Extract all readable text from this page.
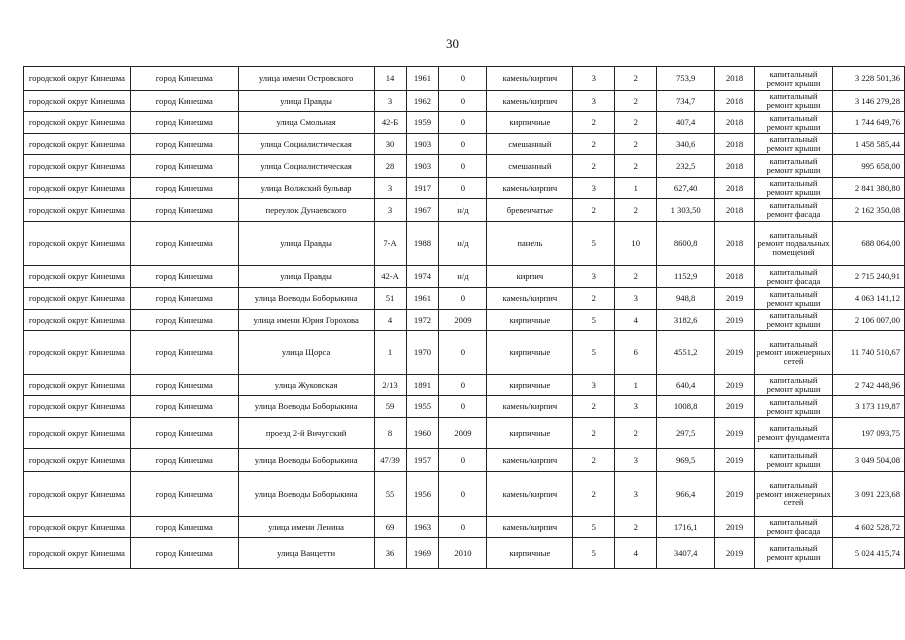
30
городской округ Кинешма	город Кинешма	улица имени Островского	14	1961	0	камень/кирпич	3	2	753,9	2018	капитальный ремонт крыши	3 228 501,36
городской округ Кинешма	город Кинешма	улица Правды	3	1962	0	камень/кирпич	3	2	734,7	2018	капитальный ремонт крыши	3 146 279,28
городской округ Кинешма	город Кинешма	улица Смольная	42-Б	1959	0	кирпичные	2	2	407,4	2018	капитальный ремонт крыши	1 744 649,76
городской округ Кинешма	город Кинешма	улица Социалистическая	30	1903	0	смешанный	2	2	340,6	2018	капитальный ремонт крыши	1 458 585,44
городской округ Кинешма	город Кинешма	улица Социалистическая	28	1903	0	смешанный	2	2	232,5	2018	капитальный ремонт крыши	995 658,00
городской округ Кинешма	город Кинешма	улица Волжский бульвар	3	1917	0	камень/кирпич	3	1	627,40	2018	капитальный ремонт крыши	2 841 380,80
городской округ Кинешма	город Кинешма	переулок Дунаевского	3	1967	н/д	бревенчатые	2	2	1 303,50	2018	капитальный ремонт фасада	2 162 350,08
городской округ Кинешма	город Кинешма	улица Правды	7-А	1988	н/д	панель	5	10	8600,8	2018	капитальный ремонт подвальных помещений	688 064,00
городской округ Кинешма	город Кинешма	улица Правды	42-А	1974	н/д	кирпич	3	2	1152,9	2018	капитальный ремонт фасада	2 715 240,91
городской округ Кинешма	город Кинешма	улица Воеводы Боборыкина	51	1961	0	камень/кирпич	2	3	948,8	2019	капитальный ремонт крыши	4 063 141,12
городской округ Кинешма	город Кинешма	улица имени Юрия Горохова	4	1972	2009	кирпичные	5	4	3182,6	2019	капитальный ремонт крыши	2 106 007,00
городской округ Кинешма	город Кинешма	улица Щорса	1	1970	0	кирпичные	5	6	4551,2	2019	капитальный ремонт инженерных сетей	11 740 510,67
городской округ Кинешма	город Кинешма	улица Жуковская	2/13	1891	0	кирпичные	3	1	640,4	2019	капитальный ремонт крыши	2 742 448,96
городской округ Кинешма	город Кинешма	улица Воеводы Боборыкина	59	1955	0	камень/кирпич	2	3	1008,8	2019	капитальный ремонт крыши	3 173 119,87
городской округ Кинешма	город Кинешма	проезд 2-й Вичугский	8	1960	2009	кирпичные	2	2	297,5	2019	капитальный ремонт фундамента	197 093,75
городской округ Кинешма	город Кинешма	улица Воеводы Боборыкина	47/39	1957	0	камень/кирпич	2	3	969,5	2019	капитальный ремонт крыши	3 049 504,08
городской округ Кинешма	город Кинешма	улица Воеводы Боборыкина	55	1956	0	камень/кирпич	2	3	966,4	2019	капитальный ремонт инженерных сетей	3 091 223,68
городской округ Кинешма	город Кинешма	улица имени Ленина	69	1963	0	камень/кирпич	5	2	1716,1	2019	капитальный ремонт фасада	4 602 528,72
городской округ Кинешма	город Кинешма	улица Ванцетти	36	1969	2010	кирпичные	5	4	3407,4	2019	капитальный ремонт крыши	5 024 415,74
